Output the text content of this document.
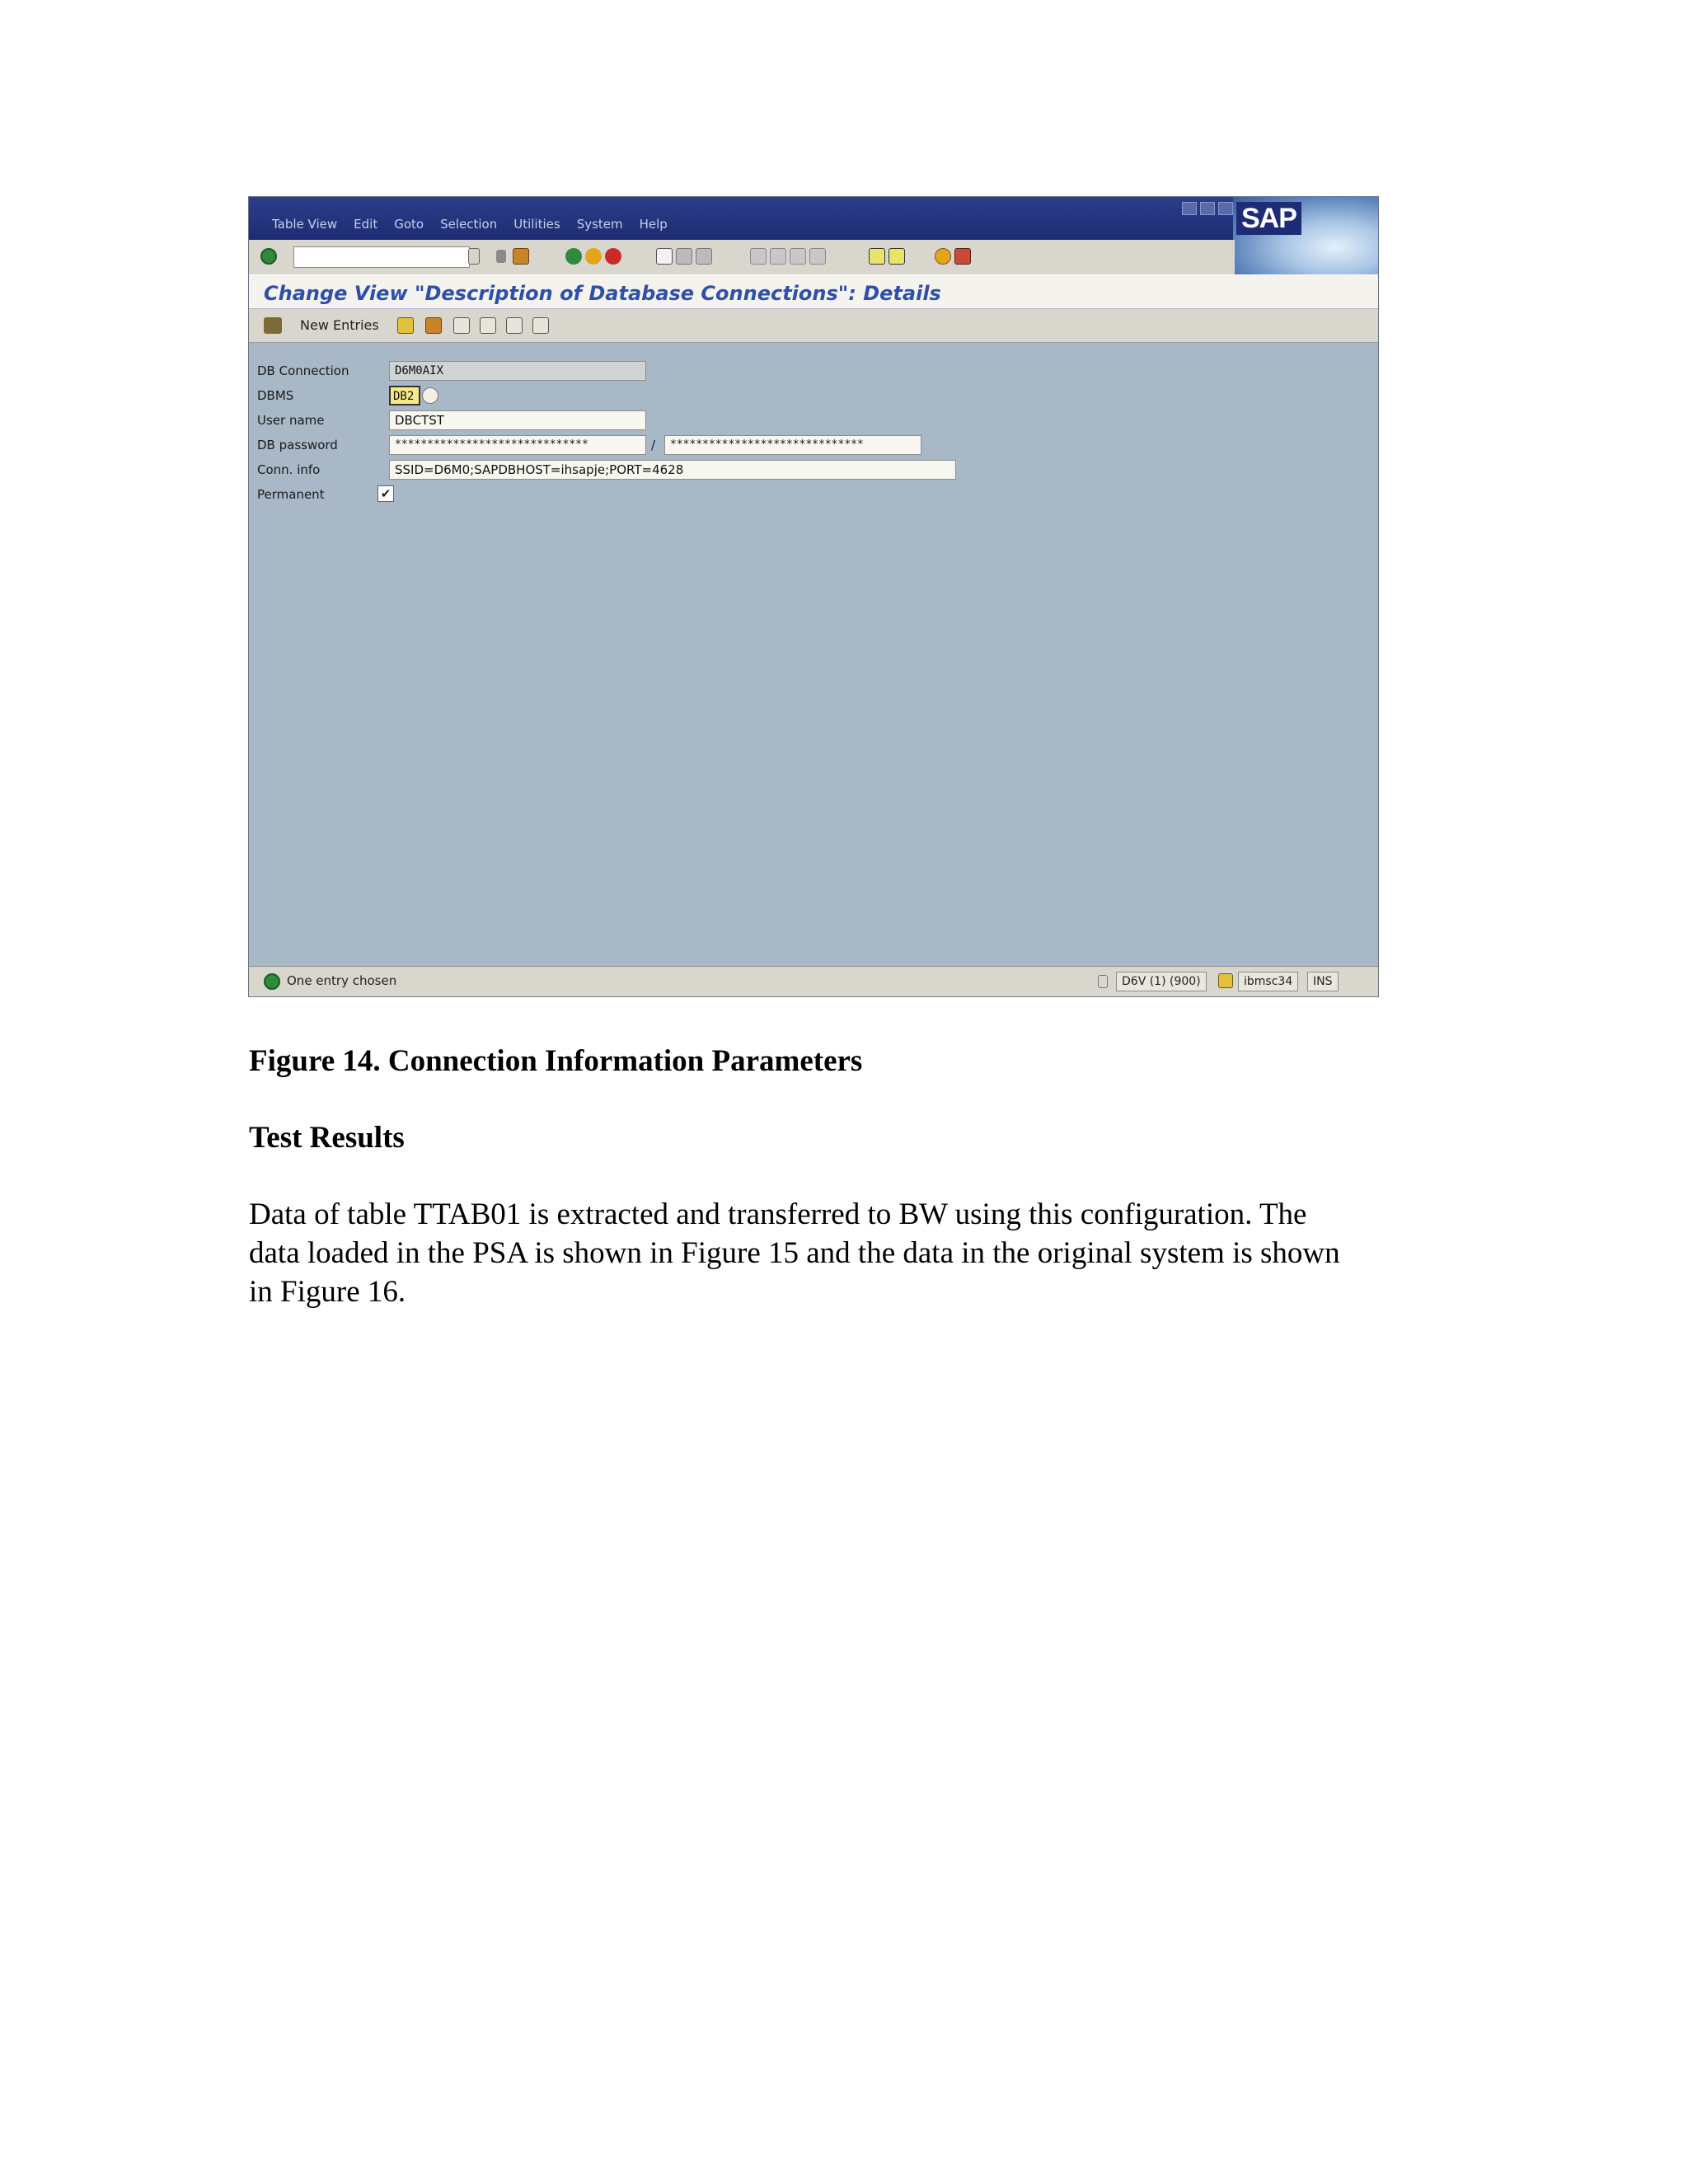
Table View Edit Goto Selection Utilities System Help	SAP
Change View "Description of Database Connections": Details
New Entries
DB Connection	D6M0AIX
DBMS	DB2
User name	DBCTST
DB password	******************************	/	******************************
Conn. info	SSID=D6M0;SAPDBHOST=ihsapje;PORT=4628
Permanent	✔
One entry chosen	D6V (1) (900)	ibmsc34	INS
Figure 14. Connection Information Parameters
Test Results
Data of table TTAB01 is extracted and transferred to BW using this configuration. The
data loaded in the PSA is shown in Figure 15 and the data in the original system is shown
in Figure 16.
